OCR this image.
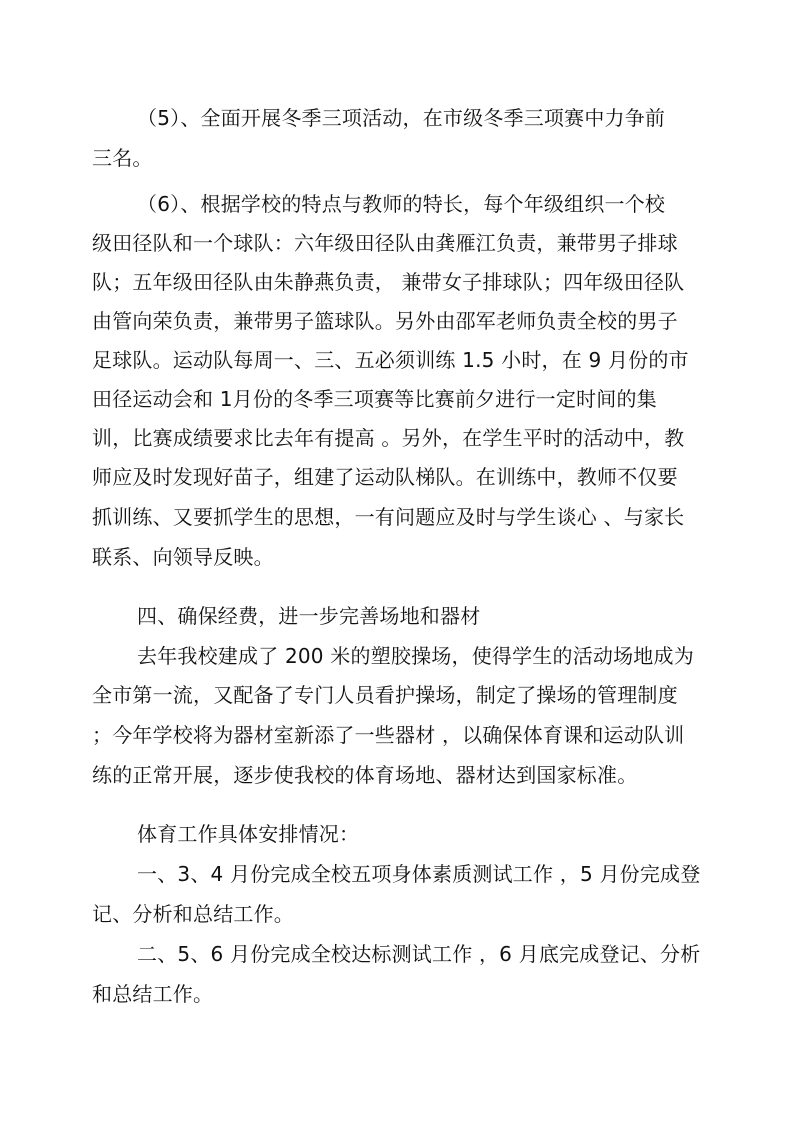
（5）、全面开展冬季三项活动，在市级冬季三项赛中力争前
三名。
（6）、根据学校的特点与教师的特长，每个年级组织一个校
级田径队和一个球队：六年级田径队由龚雁江负责，兼带男子排球
队；五年级田径队由朱静燕负责， 兼带女子排球队；四年级田径队
由管向荣负责，兼带男子篮球队。另外由邵军老师负责全校的男子
足球队。运动队每周一、三、五必须训练 1.5 小时，在 9 月份的市
田径运动会和 1月份的冬季三项赛等比赛前夕进行一定时间的集
训，比赛成绩要求比去年有提高 。另外，在学生平时的活动中，教
师应及时发现好苗子，组建了运动队梯队。在训练中，教师不仅要
抓训练、又要抓学生的思想，一有问题应及时与学生谈心 、与家长
联系、向领导反映。
四、确保经费，进一步完善场地和器材
去年我校建成了 200 米的塑胶操场，使得学生的活动场地成为
全市第一流，又配备了专门人员看护操场，制定了操场的管理制度
；今年学校将为器材室新添了一些器材 ，以确保体育课和运动队训
练的正常开展，逐步使我校的体育场地、器材达到国家标准。
体育工作具体安排情况：
一、3、4 月份完成全校五项身体素质测试工作 ，5 月份完成登
记、分析和总结工作。
二、5、6 月份完成全校达标测试工作 ，6 月底完成登记、分析
和总结工作。
